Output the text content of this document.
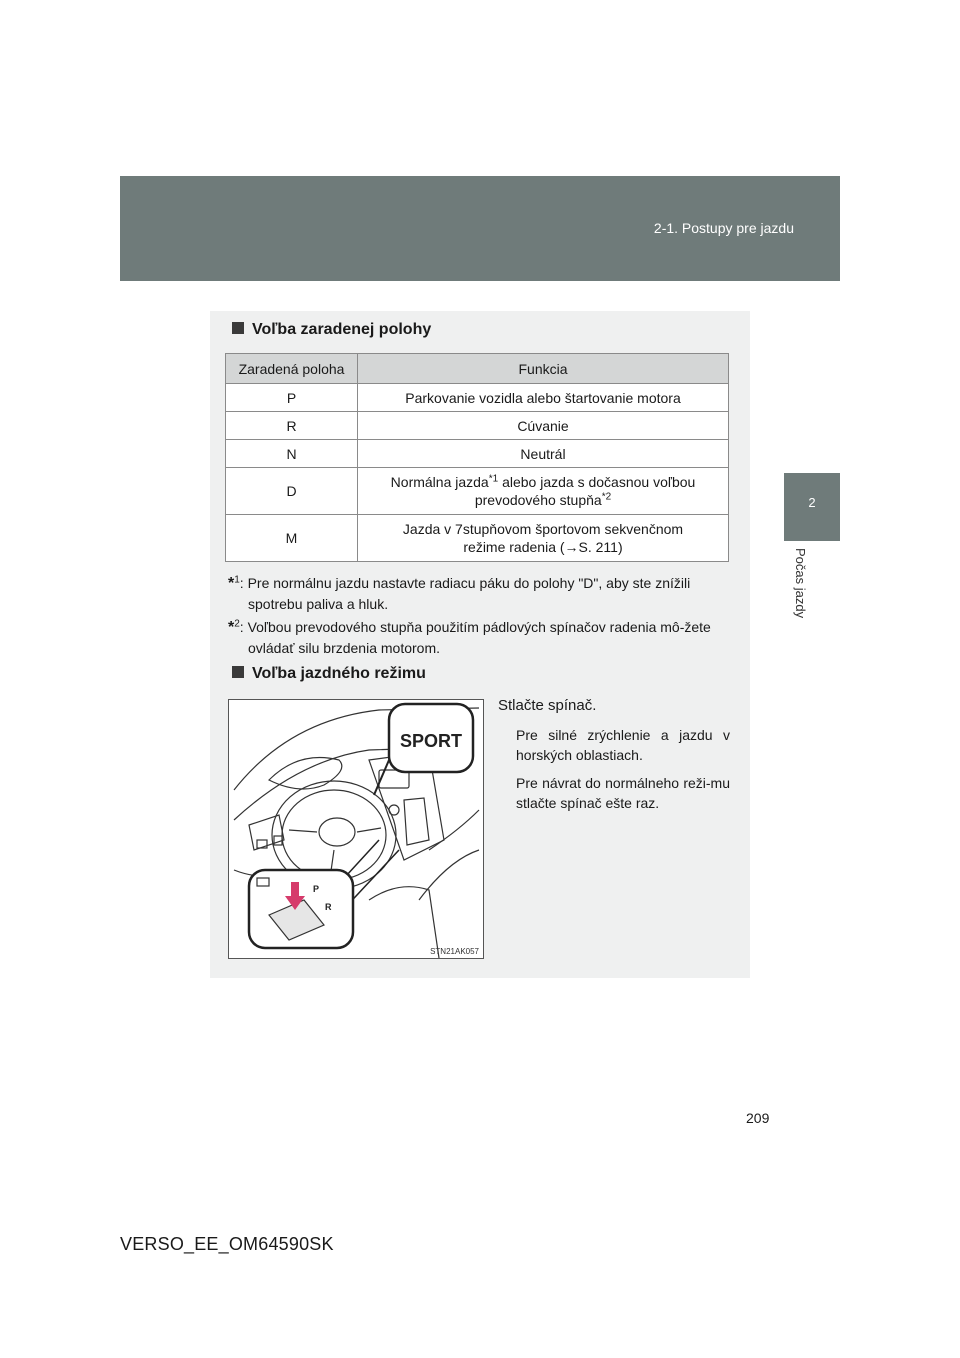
2-1. Postupy pre jazdu
2
Počas jazdy
Voľba zaradenej polohy
Zaradená poloha	Funkcia
P	Parkovanie vozidla alebo štartovanie motora
R	Cúvanie
N	Neutrál
D	Normálna jazda$^{*1}$ alebo jazda s dočasnou voľbou
prevodového stupňa$^{*2}$
M	Jazda v 7stupňovom športovom sekvenčnom
režime radenia (→S. 211)
*$^1$: Pre normálnu jazdu nastavte radiacu páku do polohy "D", aby ste znížili spotrebu paliva a hluk.
*$^2$: Voľbou prevodového stupňa použitím pádlových spínačov radenia mô-žete ovládať silu brzdenia motorom.
Voľba jazdného režimu
SPORT
P
R
STN21AK057
Stlačte spínač.
Pre silné zrýchlenie a jazdu v horských oblastiach.
Pre návrat do normálneho reži-mu stlačte spínač ešte raz.
209
VERSO_EE_OM64590SK
